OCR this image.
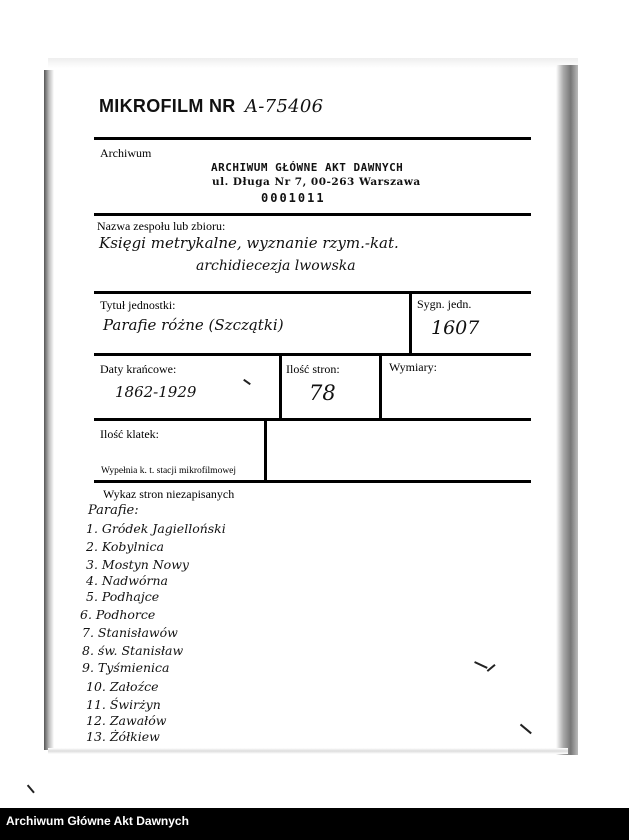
MIKROFILM NR A-75406
Archiwum
ARCHIWUM GŁÓWNE AKT DAWNYCH
ul. Długa Nr 7, 00-263 Warszawa
0001011
Nazwa zespołu lub zbioru:
Księgi metrykalne, wyznanie rzym.-kat.
archidiecezja lwowska
Tytuł jednostki:
Parafie różne (Szczątki)
Sygn. jedn.
1607
Daty krańcowe:
1862-1929
Ilość stron:
78
Wymiary:
Ilość klatek:
Wypełnia k. t. stacji mikrofilmowej
Wykaz stron niezapisanych
Parafie:
1. Gródek Jagielloński
2. Kobylnica
3. Mostyn Nowy
4. Nadwórna
5. Podhajce
6. Podhorce
7. Stanisławów
8. św. Stanisław
9. Tyśmienica
10. Załoźce
11. Świrżyn
12. Zawałów
13. Żółkiew
Archiwum Główne Akt Dawnych
